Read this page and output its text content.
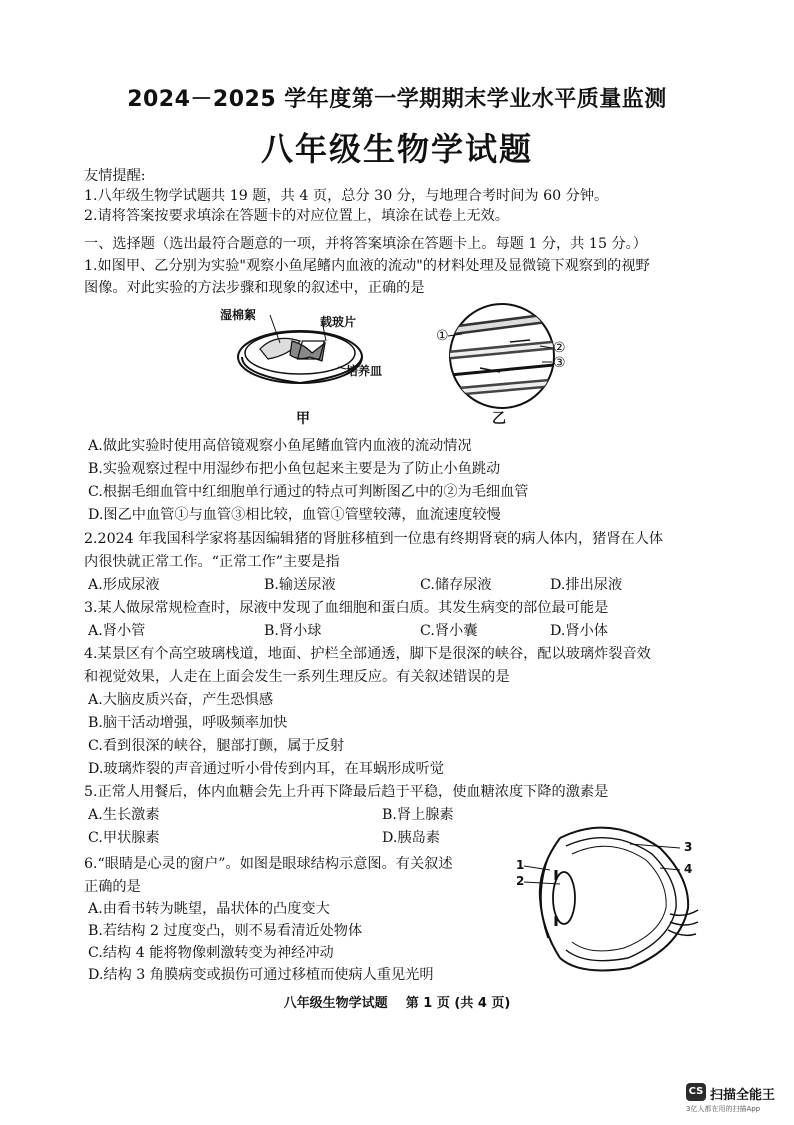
2024－2025 学年度第一学期期末学业水平质量监测
八年级生物学试题
友情提醒:
1.八年级生物学试题共 19 题，共 4 页，总分 30 分，与地理合考时间为 60 分钟。
2.请将答案按要求填涂在答题卡的对应位置上，填涂在试卷上无效。
一、选择题（选出最符合题意的一项，并将答案填涂在答题卡上。每题 1 分，共 15 分。）
1.如图甲、乙分别为实验"观察小鱼尾鳍内血液的流动"的材料处理及显微镜下观察到的视野
图像。对此实验的方法步骤和现象的叙述中，正确的是
湿棉絮	载玻片
培养皿
甲
①
②
③
乙
A.做此实验时使用高倍镜观察小鱼尾鳍血管内血液的流动情况
B.实验观察过程中用湿纱布把小鱼包起来主要是为了防止小鱼跳动
C.根据毛细血管中红细胞单行通过的特点可判断图乙中的②为毛细血管
D.图乙中血管①与血管③相比较，血管①管壁较薄，血流速度较慢
2.2024 年我国科学家将基因编辑猪的肾脏移植到一位患有终期肾衰的病人体内，猪肾在人体
内很快就正常工作。“正常工作”主要是指
A.形成尿液	B.输送尿液	C.储存尿液	D.排出尿液
3.某人做尿常规检查时，尿液中发现了血细胞和蛋白质。其发生病变的部位最可能是
A.肾小管	B.肾小球	C.肾小囊	D.肾小体
4.某景区有个高空玻璃栈道，地面、护栏全部通透，脚下是很深的峡谷，配以玻璃炸裂音效
和视觉效果，人走在上面会发生一系列生理反应。有关叙述错误的是
A.大脑皮质兴奋，产生恐惧感
B.脑干活动增强，呼吸频率加快
C.看到很深的峡谷，腿部打颤，属于反射
D.玻璃炸裂的声音通过听小骨传到内耳，在耳蜗形成听觉
5.正常人用餐后，体内血糖会先上升再下降最后趋于平稳，使血糖浓度下降的激素是
A.生长激素	B.肾上腺素
C.甲状腺素	D.胰岛素
6.“眼睛是心灵的窗户”。如图是眼球结构示意图。有关叙述
正确的是
A.由看书转为眺望，晶状体的凸度变大
B.若结构 2 过度变凸，则不易看清近处物体
C.结构 4 能将物像刺激转变为神经冲动
D.结构 3 角膜病变或损伤可通过移植而使病人重见光明
1
2
3
4
八年级生物学试题 第 1 页 (共 4 页)
CS 扫描全能王
3亿人都在用的扫描App
